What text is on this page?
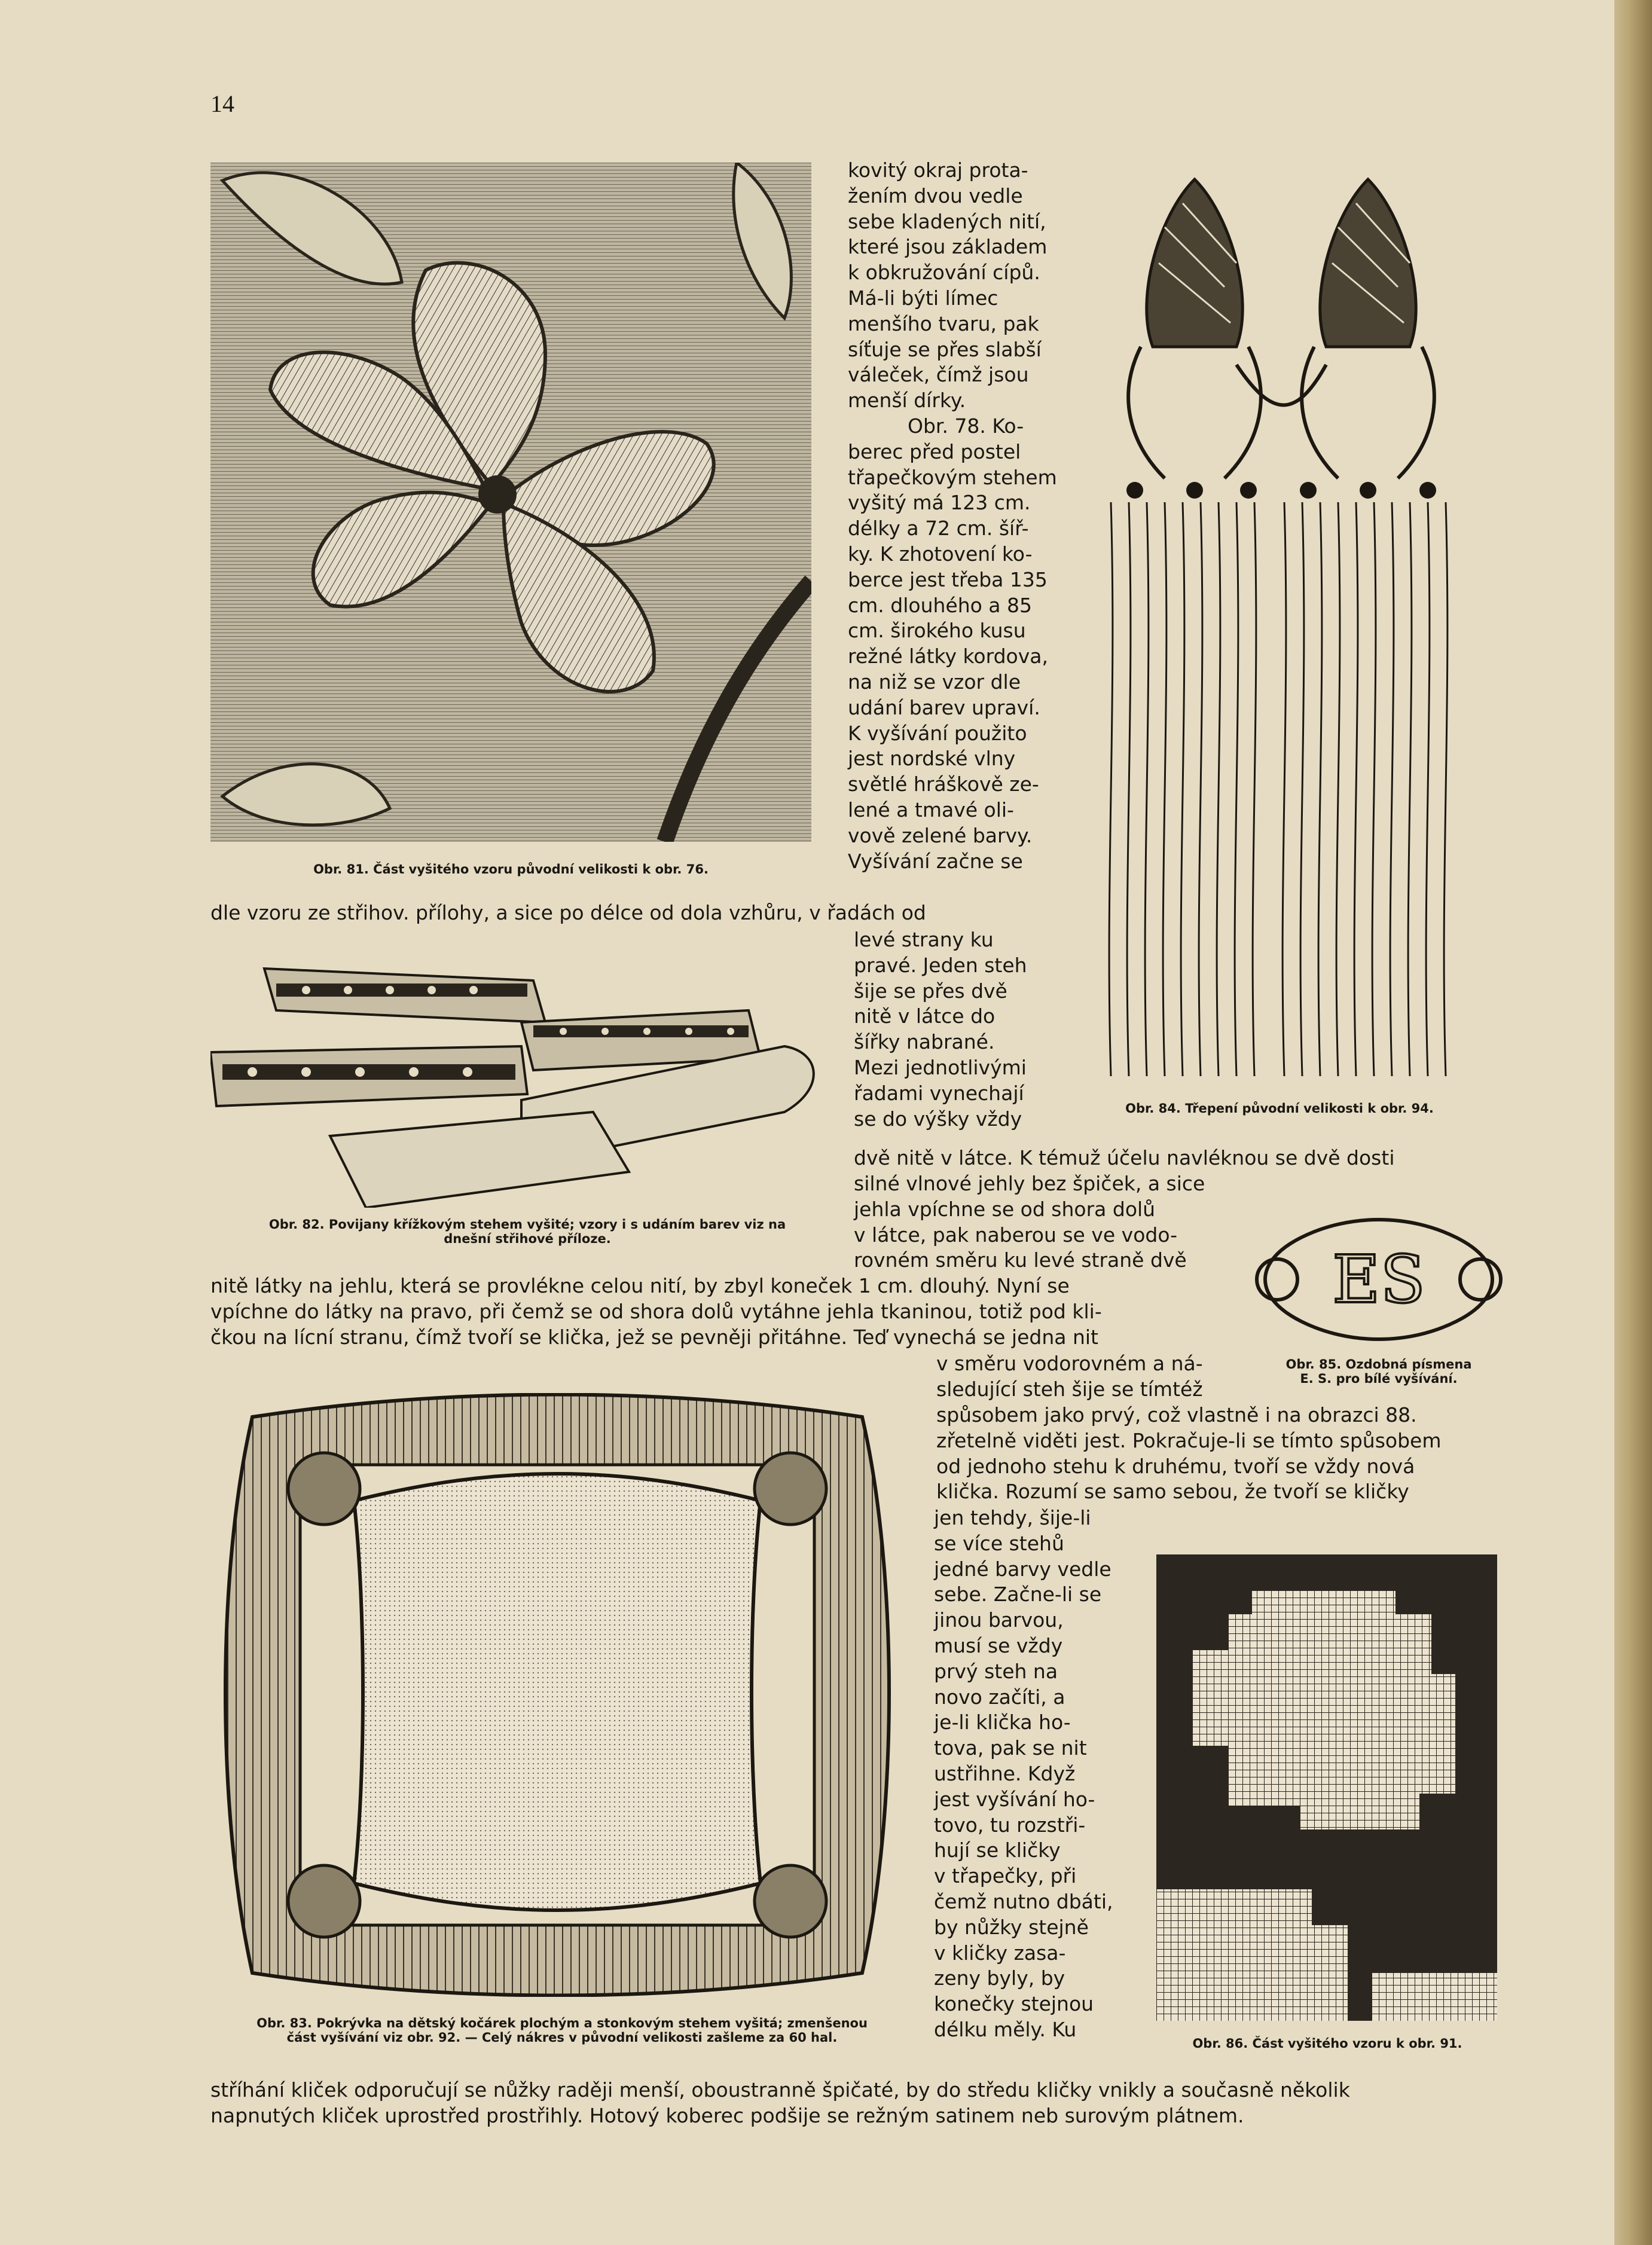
14

Obr. 81. Část vyšitého vzoru původní velikosti k obr. 76.

Obr. 84. Třepení původní velikosti k obr. 94.

kovitý okraj prota-
žením dvou vedle
sebe kladených nití,
které jsou základem
k obkružování cípů.
Má-li býti límec
menšího tvaru, pak
síťuje se přes slabší
váleček, čímž jsou
menší dírky.
Obr. 78. Ko-
berec před postel
třapečkovým stehem
vyšitý má 123 cm.
délky a 72 cm. šíř-
ky. K zhotovení ko-
berce jest třeba 135
cm. dlouhého a 85
cm. širokého kusu
režné látky kordova,
na niž se vzor dle
udání barev upraví.
K vyšívání použito
jest nordské vlny
světlé hráškově ze-
lené a tmavé oli-
vově zelené barvy.
Vyšívání začne se

dle vzoru ze střihov. přílohy, a sice po délce od dola vzhůru, v řadách od

Obr. 82. Povijany křížkovým stehem vyšité; vzory i s udáním barev viz na
dnešní střihové příloze.

levé strany ku
pravé. Jeden steh
šije se přes dvě
nitě v látce do
šířky nabrané.
Mezi jednotlivými
řadami vynechají
se do výšky vždy

dvě nitě v látce. K témuž účelu navléknou se dvě dosti

silné vlnové jehly bez špiček, a sice
jehla vpíchne se od shora dolů
v látce, pak naberou se ve vodo-
rovném směru ku levé straně dvě	ES

Obr. 85. Ozdobná písmena
E. S. pro bílé vyšívání.

nitě látky na jehlu, která se provlékne celou nití, by zbyl koneček 1 cm. dlouhý. Nyní se
vpíchne do látky na pravo, při čemž se od shora dolů vytáhne jehla tkaninou, totiž pod kli-
čkou na lícní stranu, čímž tvoří se klička, jež se pevněji přitáhne. Teď vynechá se jedna nit

Obr. 83. Pokrývka na dětský kočárek plochým a stonkovým stehem vyšitá; zmenšenou
část vyšívání viz obr. 92. — Celý nákres v původní velikosti zašleme za 60 hal.

v směru vodorovném a ná-
sledující steh šije se tímtéž

spůsobem jako prvý, což vlastně i na obrazci 88.
zřetelně viděti jest. Pokračuje-li se tímto spůsobem
od jednoho stehu k druhému, tvoří se vždy nová
klička. Rozumí se samo sebou, že tvoří se kličky

jen tehdy, šije-li
se více stehů
jedné barvy vedle
sebe. Začne-li se
jinou barvou,
musí se vždy
prvý steh na
novo začíti, a
je-li klička ho-
tova, pak se nit
ustřihne. Když
jest vyšívání ho-
tovo, tu rozstři-
hují se kličky
v třapečky, při
čemž nutno dbáti,
by nůžky stejně
v kličky zasa-
zeny byly, by
konečky stejnou
délku měly. Ku

Obr. 86. Část vyšitého vzoru k obr. 91.

stříhání kliček odporučují se nůžky raději menší, oboustranně špičaté, by do středu kličky vnikly a současně několik
napnutých kliček uprostřed prostřihly. Hotový koberec podšije se režným satinem neb surovým plátnem.
